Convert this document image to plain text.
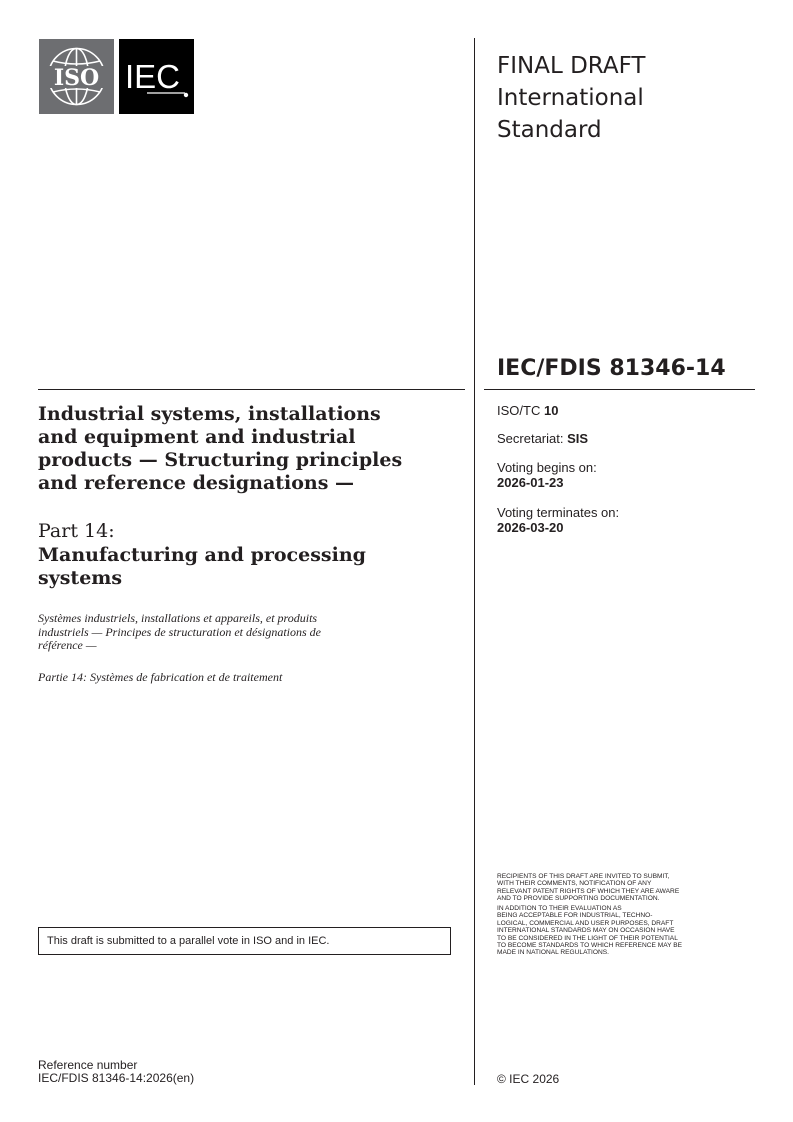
ISO IEC	FINAL DRAFT
International
Standard
IEC/FDIS 81346-14
ISO/TC 10
Secretariat: SIS
Voting begins on:
2026-01-23
Voting terminates on:
2026-03-20
Industrial systems, installations
and equipment and industrial
products — Structuring principles
and reference designations —
Part 14:
Manufacturing and processing
systems
Systèmes industriels, installations et appareils, et produits
industriels — Principes de structuration et désignations de
référence —
Partie 14: Systèmes de fabrication et de traitement
This draft is submitted to a parallel vote in ISO and in IEC.
RECIPIENTS OF THIS DRAFT ARE INVITED TO SUBMIT,
WITH THEIR COMMENTS, NOTIFICATION OF ANY
RELEVANT PATENT RIGHTS OF WHICH THEY ARE AWARE
AND TO PROVIDE SUPPORTING DOCUMENTATION.
IN ADDITION TO THEIR EVALUATION AS
BEING ACCEPTABLE FOR INDUSTRIAL, TECHNO-
LOGICAL, COMMERCIAL AND USER PURPOSES, DRAFT
INTERNATIONAL STANDARDS MAY ON OCCASION HAVE
TO BE CONSIDERED IN THE LIGHT OF THEIR POTENTIAL
TO BECOME STANDARDS TO WHICH REFERENCE MAY BE
MADE IN NATIONAL REGULATIONS.
Reference number
IEC/FDIS 81346-14:2026(en)	© IEC 2026
